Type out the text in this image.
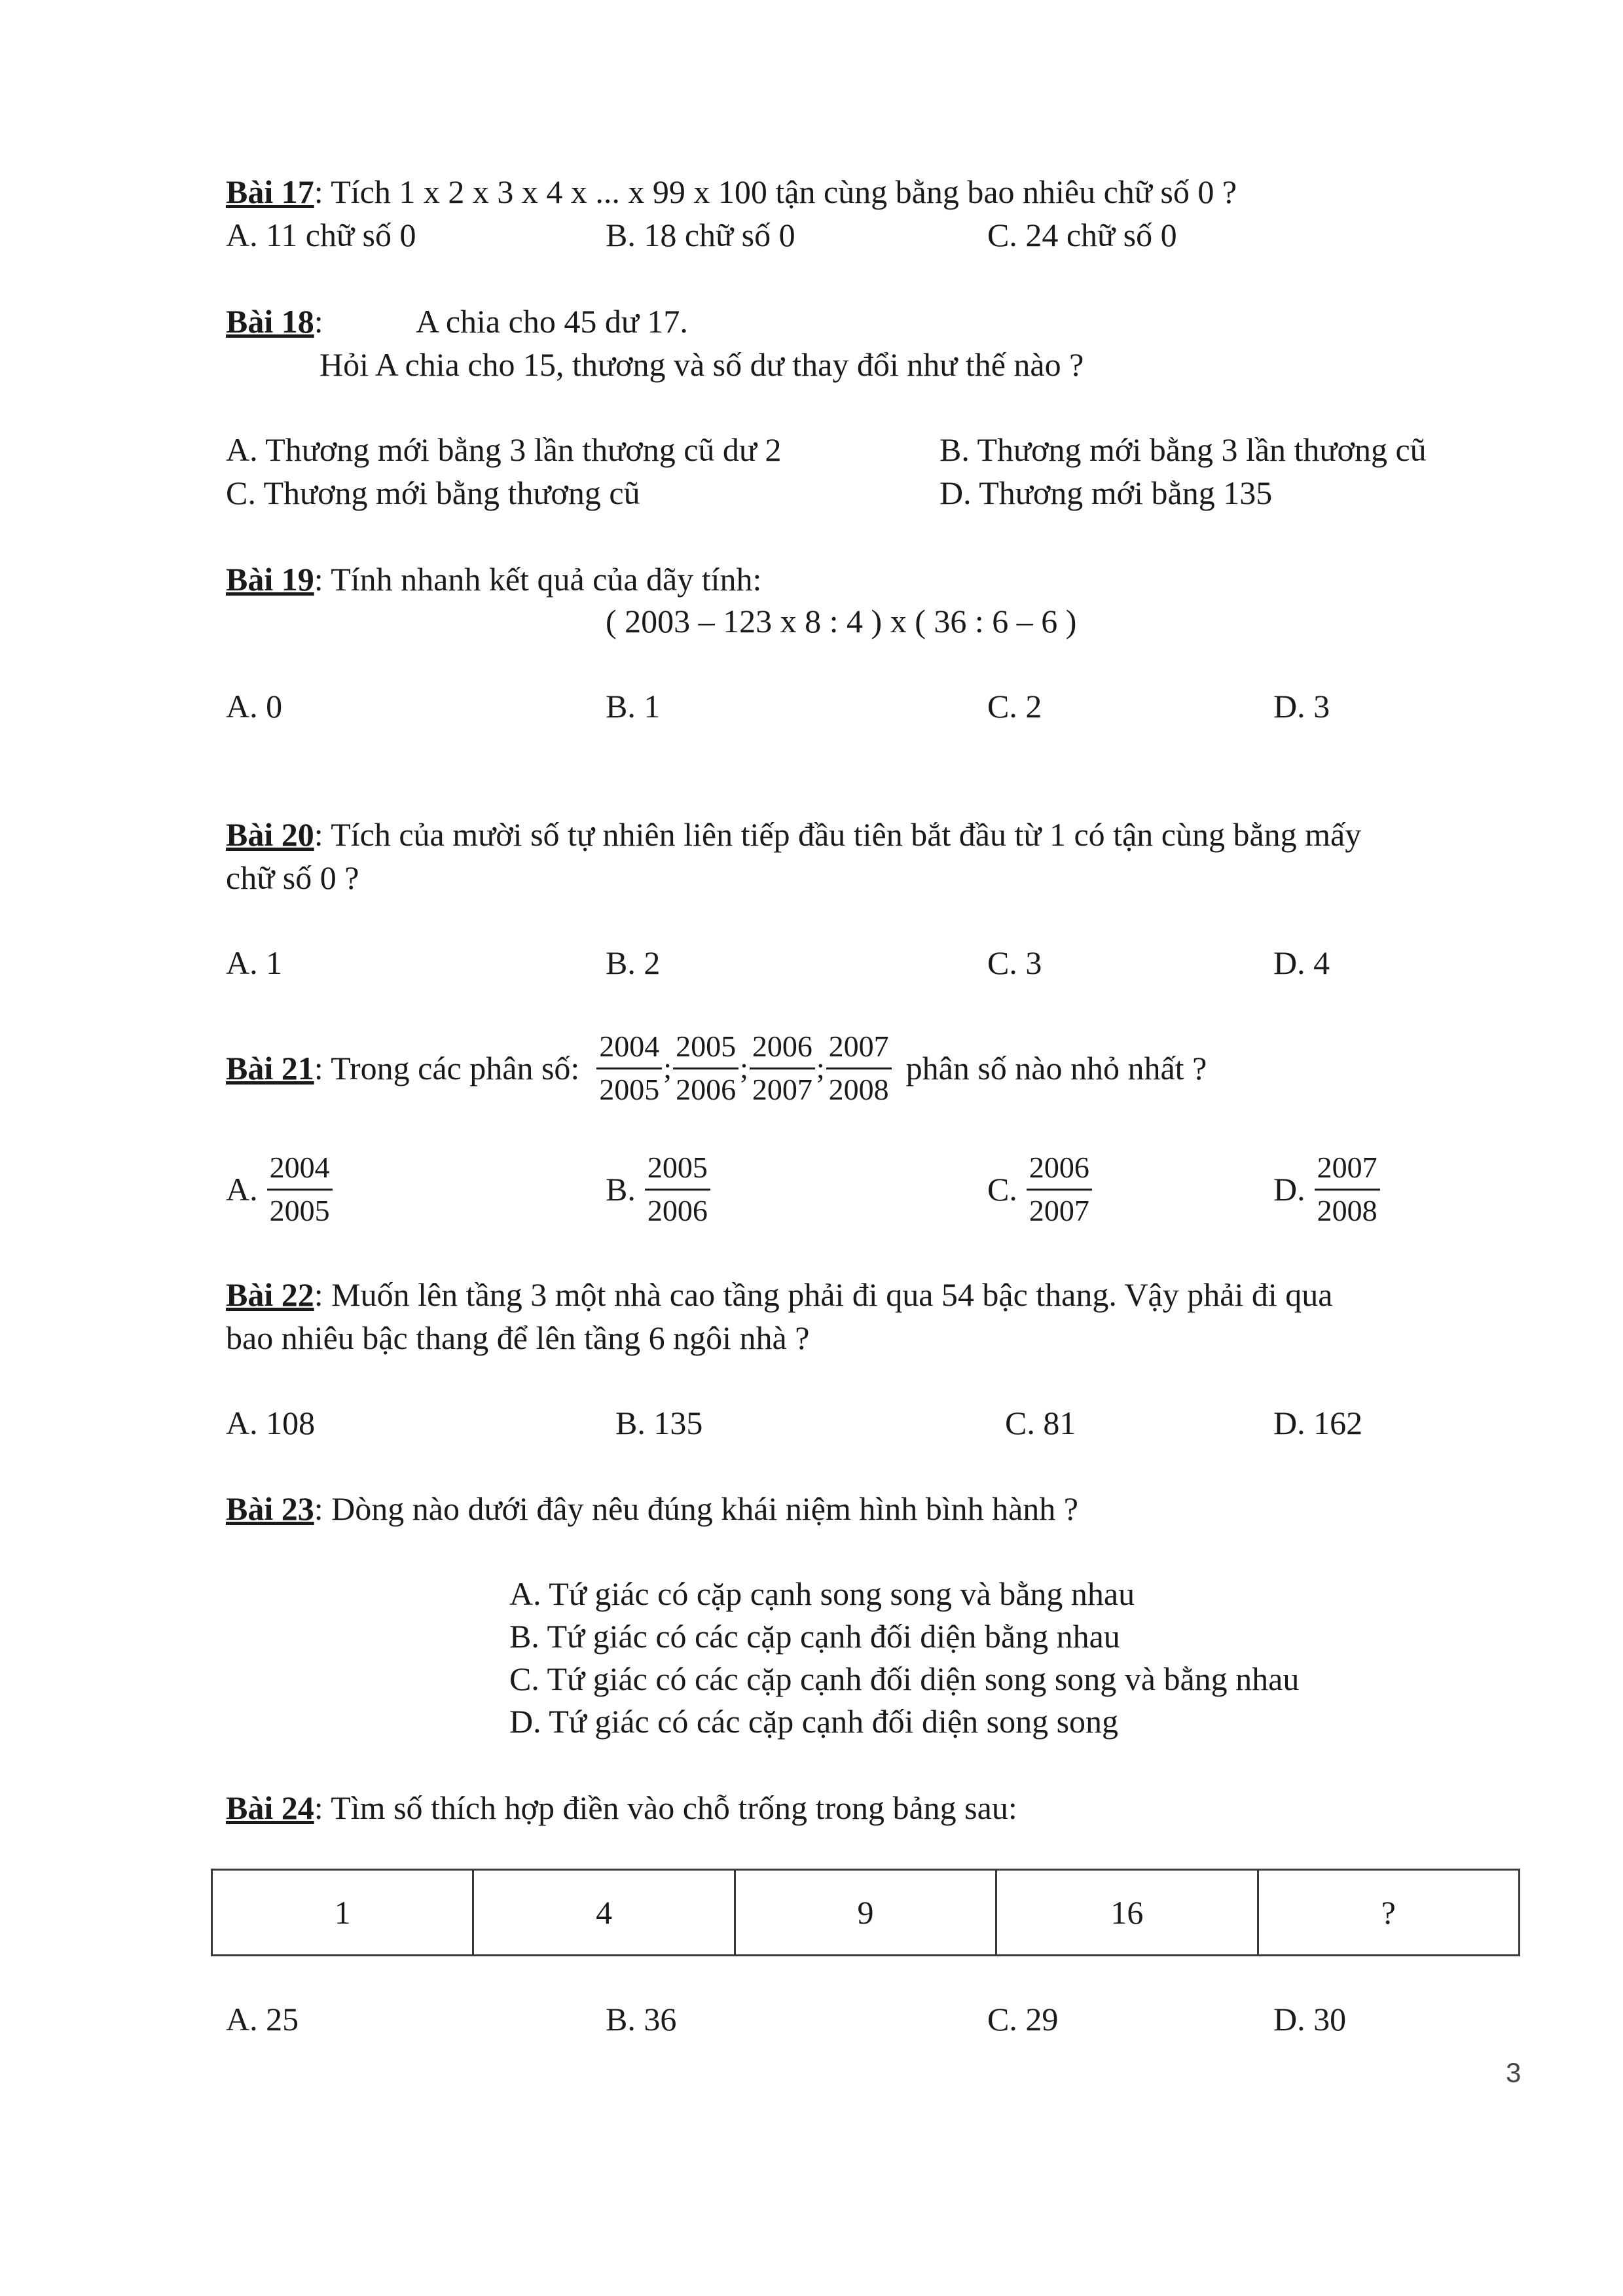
Bài 17: Tích 1 x 2 x 3 x 4 x ... x 99 x 100 tận cùng bằng bao nhiêu chữ số 0 ?
A. 11 chữ số 0	B. 18 chữ số 0	C. 24 chữ số 0
Bài 18:	A chia cho 45 dư 17.
Hỏi A chia cho 15, thương và số dư thay đổi như thế nào ?
A. Thương mới bằng 3 lần thương cũ dư 2	B. Thương mới bằng 3 lần thương cũ
C. Thương mới bằng thương cũ	D. Thương mới bằng 135
Bài 19: Tính nhanh kết quả của dãy tính:
( 2003 – 123 x 8 : 4 ) x ( 36 : 6 – 6 )
A. 0	B. 1	C. 2	D. 3
Bài 20: Tích của mười số tự nhiên liên tiếp đầu tiên bắt đầu từ 1 có tận cùng bằng mấy
chữ số 0 ?
A. 1	B. 2	C. 3	D. 4
Bài 21 : Trong các phân số: $\frac{2004}{2005}$ ; $\frac{2005}{2006}$ ; $\frac{2006}{2007}$ ; $\frac{2007}{2008}$ phân số nào nhỏ nhất ?
A. $\frac{2004}{2005}$	B. $\frac{2005}{2006}$	C. $\frac{2006}{2007}$	D. $\frac{2007}{2008}$
Bài 22: Muốn lên tầng 3 một nhà cao tầng phải đi qua 54 bậc thang. Vậy phải đi qua
bao nhiêu bậc thang để lên tầng 6 ngôi nhà ?
A. 108	B. 135	C. 81	D. 162
Bài 23: Dòng nào dưới đây nêu đúng khái niệm hình bình hành ?
A. Tứ giác có cặp cạnh song song và bằng nhau
B. Tứ giác có các cặp cạnh đối diện bằng nhau
C. Tứ giác có các cặp cạnh đối diện song song và bằng nhau
D. Tứ giác có các cặp cạnh đối diện song song
Bài 24: Tìm số thích hợp điền vào chỗ trống trong bảng sau:
1	4	9	16	?
A. 25	B. 36	C. 29	D. 30
3
